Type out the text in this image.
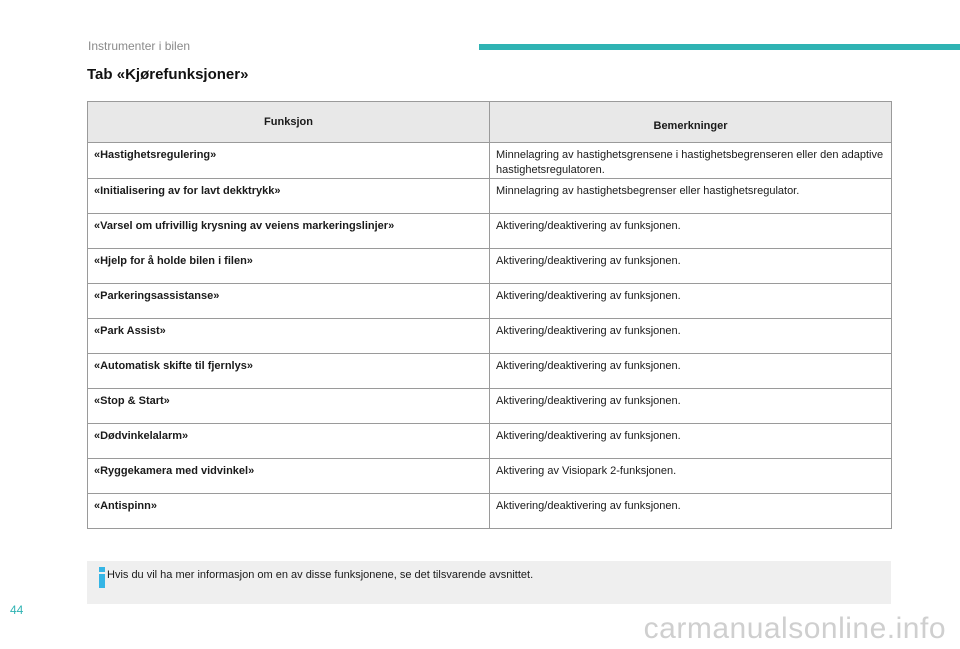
Instrumenter i bilen
Tab «Kjørefunksjoner»
Funksjon	Bemerkninger
«Hastighetsregulering»	Minnelagring av hastighetsgrensene i hastighetsbegrenseren eller den adaptive hastighetsregulatoren.
«Initialisering av for lavt dekktrykk»	Minnelagring av hastighetsbegrenser eller hastighetsregulator.
«Varsel om ufrivillig krysning av veiens markeringslinjer»	Aktivering/deaktivering av funksjonen.
«Hjelp for å holde bilen i filen»	Aktivering/deaktivering av funksjonen.
«Parkeringsassistanse»	Aktivering/deaktivering av funksjonen.
«Park Assist»	Aktivering/deaktivering av funksjonen.
«Automatisk skifte til fjernlys»	Aktivering/deaktivering av funksjonen.
«Stop & Start»	Aktivering/deaktivering av funksjonen.
«Dødvinkelalarm»	Aktivering/deaktivering av funksjonen.
«Ryggekamera med vidvinkel»	Aktivering av Visiopark 2-funksjonen.
«Antispinn»	Aktivering/deaktivering av funksjonen.
Hvis du vil ha mer informasjon om en av disse funksjonene, se det tilsvarende avsnittet.
44
carmanualsonline.info
